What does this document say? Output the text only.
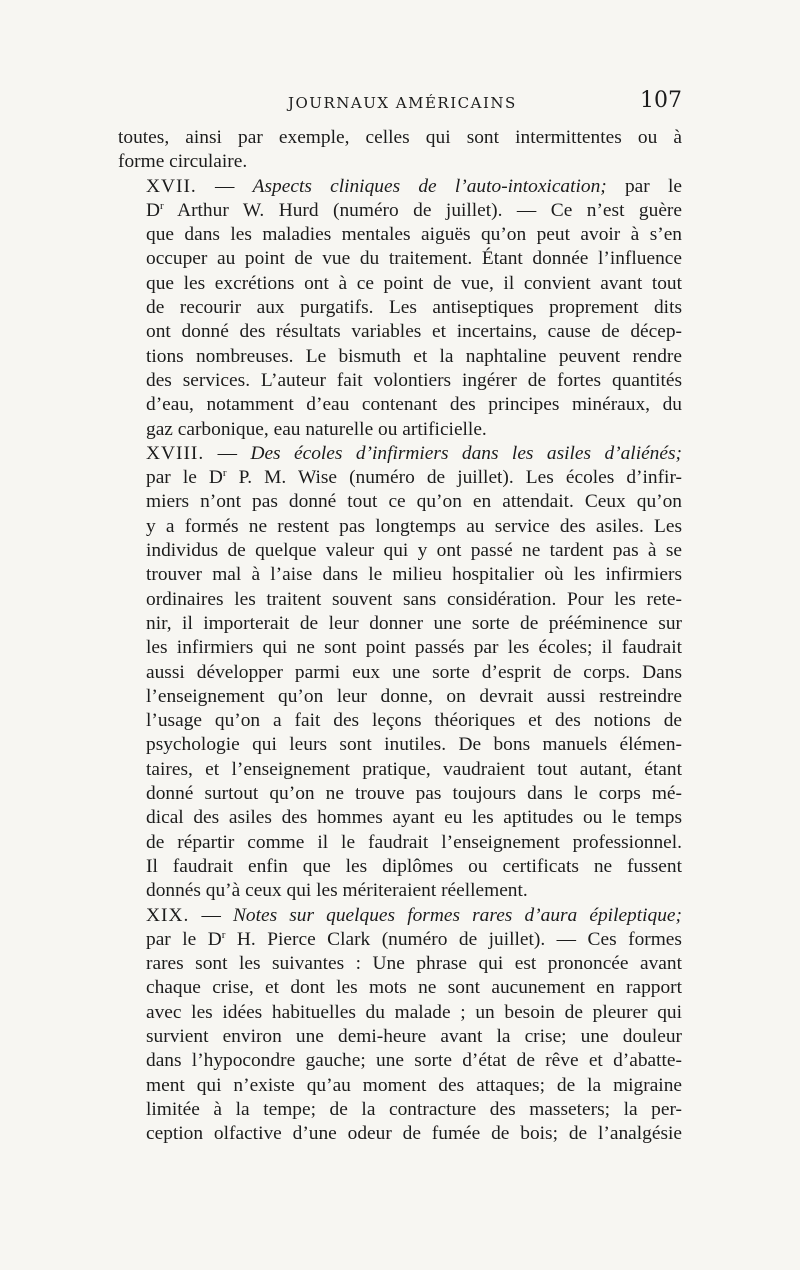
JOURNAUX AMÉRICAINS	107

toutes, ainsi par exemple, celles qui sont intermittentes ou à
forme circulaire.

XVII. — Aspects cliniques de l’auto-intoxication; par le
$D^r$ Arthur W. Hurd (numéro de juillet). — Ce n’est guère
que dans les maladies mentales aiguës qu’on peut avoir à s’en
occuper au point de vue du traitement. Étant donnée l’influence
que les excrétions ont à ce point de vue, il convient avant tout
de recourir aux purgatifs. Les antiseptiques proprement dits
ont donné des résultats variables et incertains, cause de décep-
tions nombreuses. Le bismuth et la naphtaline peuvent rendre
des services. L’auteur fait volontiers ingérer de fortes quantités
d’eau, notamment d’eau contenant des principes minéraux, du
gaz carbonique, eau naturelle ou artificielle.

XVIII. — Des écoles d’infirmiers dans les asiles d’aliénés;
par le $D^r$ P. M. Wise (numéro de juillet). Les écoles d’infir-
miers n’ont pas donné tout ce qu’on en attendait. Ceux qu’on
y a formés ne restent pas longtemps au service des asiles. Les
individus de quelque valeur qui y ont passé ne tardent pas à se
trouver mal à l’aise dans le milieu hospitalier où les infirmiers
ordinaires les traitent souvent sans considération. Pour les rete-
nir, il importerait de leur donner une sorte de prééminence sur
les infirmiers qui ne sont point passés par les écoles; il faudrait
aussi développer parmi eux une sorte d’esprit de corps. Dans
l’enseignement qu’on leur donne, on devrait aussi restreindre
l’usage qu’on a fait des leçons théoriques et des notions de
psychologie qui leurs sont inutiles. De bons manuels élémen-
taires, et l’enseignement pratique, vaudraient tout autant, étant
donné surtout qu’on ne trouve pas toujours dans le corps mé-
dical des asiles des hommes ayant eu les aptitudes ou le temps
de répartir comme il le faudrait l’enseignement professionnel.
Il faudrait enfin que les diplômes ou certificats ne fussent
donnés qu’à ceux qui les mériteraient réellement.

XIX. — Notes sur quelques formes rares d’aura épileptique;
par le $D^r$ H. Pierce Clark (numéro de juillet). — Ces formes
rares sont les suivantes : Une phrase qui est prononcée avant
chaque crise, et dont les mots ne sont aucunement en rapport
avec les idées habituelles du malade ; un besoin de pleurer qui
survient environ une demi-heure avant la crise; une douleur
dans l’hypocondre gauche; une sorte d’état de rêve et d’abatte-
ment qui n’existe qu’au moment des attaques; de la migraine
limitée à la tempe; de la contracture des masseters; la per-
ception olfactive d’une odeur de fumée de bois; de l’analgésie
